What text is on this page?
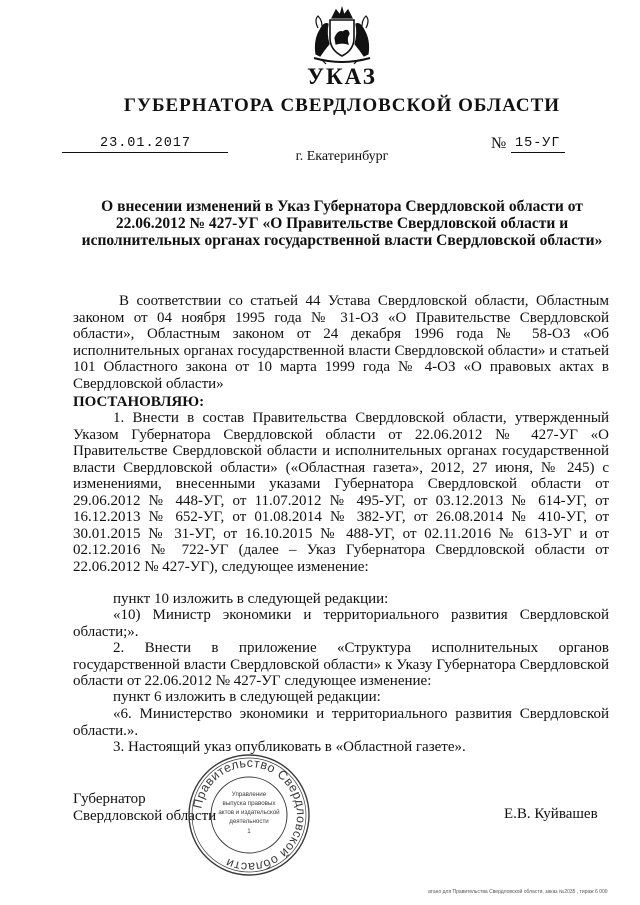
УКАЗ
ГУБЕРНАТОРА СВЕРДЛОВСКОЙ ОБЛАСТИ
23.01.2017	№ 15-УГ
г. Екатеринбург
О внесении изменений в Указ Губернатора Свердловской области от 22.06.2012 № 427-УГ «О Правительстве Свердловской области и исполнительных органах государственной власти Свердловской области»

В соответствии со статьей 44 Устава Свердловской области, Областным законом от 04 ноября 1995 года № 31-ОЗ «О Правительстве Свердловской области», Областным законом от 24 декабря 1996 года № 58-ОЗ «Об исполнительных органах государственной власти Свердловской области» и статьей 101 Областного закона от 10 марта 1999 года № 4-ОЗ «О правовых актах в Свердловской области»

ПОСТАНОВЛЯЮ:

1. Внести в состав Правительства Свердловской области, утвержденный Указом Губернатора Свердловской области от 22.06.2012 № 427-УГ «О Правительстве Свердловской области и исполнительных органах государственной власти Свердловской области» («Областная газета», 2012, 27 июня, № 245) с изменениями, внесенными указами Губернатора Свердловской области от 29.06.2012 № 448-УГ, от 11.07.2012 № 495-УГ, от 03.12.2013 № 614-УГ, от 16.12.2013 № 652-УГ, от 01.08.2014 № 382-УГ, от 26.08.2014 № 410-УГ, от 30.01.2015 № 31-УГ, от 16.10.2015 № 488-УГ, от 02.11.2016 № 613-УГ и от 02.12.2016 № 722-УГ (далее – Указ Губернатора Свердловской области от 22.06.2012 № 427-УГ), следующее изменение:

пункт 10 изложить в следующей редакции:

«10) Министр экономики и территориального развития Свердловской области;».

2. Внести в приложение «Структура исполнительных органов государственной власти Свердловской области» к Указу Губернатора Свердловской области от 22.06.2012 № 427-УГ следующее изменение:

пункт 6 изложить в следующей редакции:

«6. Министерство экономики и территориального развития Свердловской области.».

3. Настоящий указ опубликовать в «Областной газете».

Губернатор
Свердловской области	Е.В. Куйвашев
Правительство Свердловской области
Управление
выпуска правовых
актов и издательской
деятельности
1
атано для Правительства Свердловской области, заказ №2035 , тираж 6 000
